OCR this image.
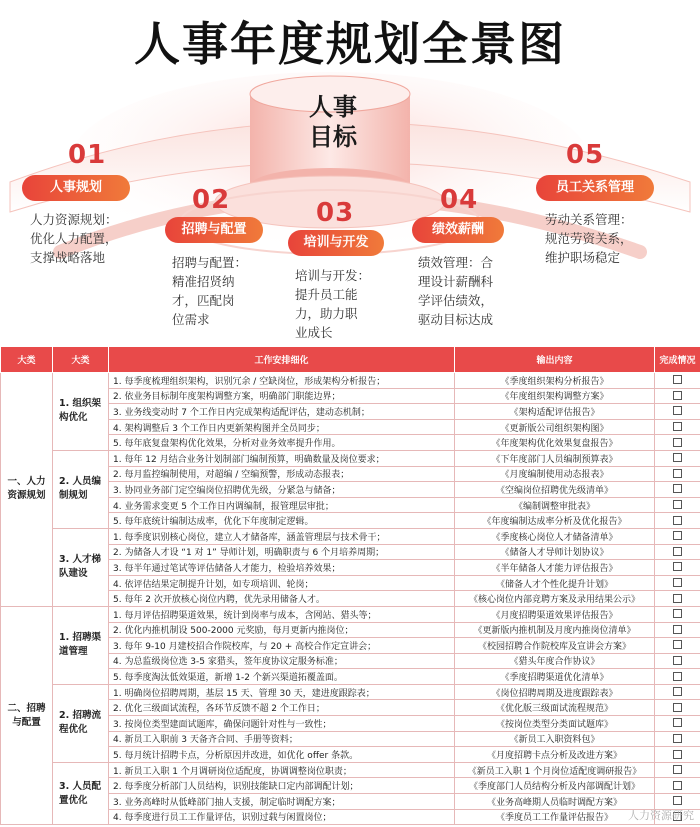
人事年度规划全景图
人事
目标
01
人事规划
人力资源规划：
优化人力配置，
支撑战略落地
02
招聘与配置
招聘与配置：
精准招贤纳
才，匹配岗
位需求
03
培训与开发
培训与开发：
提升员工能
力，助力职
业成长
04
绩效薪酬
绩效管理：合
理设计薪酬科
学评估绩效，
驱动目标达成
05
员工关系管理
劳动关系管理：
规范劳资关系，
维护职场稳定
大类	大类	工作安排细化	输出内容	完成情况
一、人力资源规划	1. 组织架构优化	1. 每季度梳理组织架构，识别冗余 / 空缺岗位，形成架构分析报告；	《季度组织架构分析报告》	
		2. 依业务目标制年度架构调整方案，明确部门职能边界；	《年度组织架构调整方案》	
		3. 业务线变动时 7 个工作日内完成架构适配评估，建动态机制；	《架构适配评估报告》	
		4. 架构调整后 3 个工作日内更新架构图并全员同步；	《更新版公司组织架构图》	
		5. 每年底复盘架构优化效果，分析对业务效率提升作用。	《年度架构优化效果复盘报告》	
	2. 人员编制规划	1. 每年 12 月结合业务计划制部门编制预算，明确数量及岗位要求；	《下年度部门人员编制预算表》	
		2. 每月监控编制使用，对超编 / 空编预警，形成动态报表；	《月度编制使用动态报表》	
		3. 协同业务部门定空编岗位招聘优先级，分紧急与储备；	《空编岗位招聘优先级清单》	
		4. 业务需求变更 5 个工作日内调编制，报管理层审批；	《编制调整审批表》	
		5. 每年底统计编制达成率，优化下年度制定逻辑。	《年度编制达成率分析及优化报告》	
	3. 人才梯队建设	1. 每季度识别核心岗位，建立人才储备库，涵盖管理层与技术骨干；	《季度核心岗位人才储备清单》	
		2. 为储备人才设 “1 对 1” 导师计划，明确职责与 6 个月培养周期；	《储备人才导师计划协议》	
		3. 每半年通过笔试等评估储备人才能力，检验培养效果；	《半年储备人才能力评估报告》	
		4. 依评估结果定制提升计划，如专项培训、轮岗；	《储备人才个性化提升计划》	
		5. 每年 2 次开放核心岗位内聘，优先录用储备人才。	《核心岗位内部竞聘方案及录用结果公示》	
二、招聘与配置	1. 招聘渠道管理	1. 每月评估招聘渠道效果，统计到岗率与成本，含网站、猎头等；	《月度招聘渠道效果评估报告》	
		2. 优化内推机制设 500-2000 元奖励，每月更新内推岗位；	《更新版内推机制及月度内推岗位清单》	
		3. 每年 9-10 月建校招合作院校库，与 20 + 高校合作定宣讲会；	《校园招聘合作院校库及宣讲会方案》	
		4. 为总监级岗位选 3-5 家猎头，签年度协议定服务标准；	《猎头年度合作协议》	
		5. 每季度淘汰低效渠道，新增 1-2 个新兴渠道拓覆盖面。	《季度招聘渠道优化清单》	
	2. 招聘流程优化	1. 明确岗位招聘周期，基层 15 天、管理 30 天，建进度跟踪表；	《岗位招聘周期及进度跟踪表》	
		2. 优化三级面试流程，各环节反馈不超 2 个工作日；	《优化版三级面试流程规范》	
		3. 按岗位类型建面试题库，确保问题针对性与一致性；	《按岗位类型分类面试题库》	
		4. 新员工入职前 3 天备齐合同、手册等资料；	《新员工入职资料包》	
		5. 每月统计招聘卡点，分析原因并改进，如优化 offer 条款。	《月度招聘卡点分析及改进方案》	
	3. 人员配置优化	1. 新员工入职 1 个月调研岗位适配度，协调调整岗位职责；	《新员工入职 1 个月岗位适配度调研报告》	
		2. 每季度分析部门人员结构，识别技能缺口定内部调配计划；	《季度部门人员结构分析及内部调配计划》	
		3. 业务高峰时从低峰部门抽人支援，制定临时调配方案；	《业务高峰期人员临时调配方案》	
		4. 每季度进行员工工作量评估，识别过载与闲置岗位；	《季度员工工作量评估报告》	人力资源研究
